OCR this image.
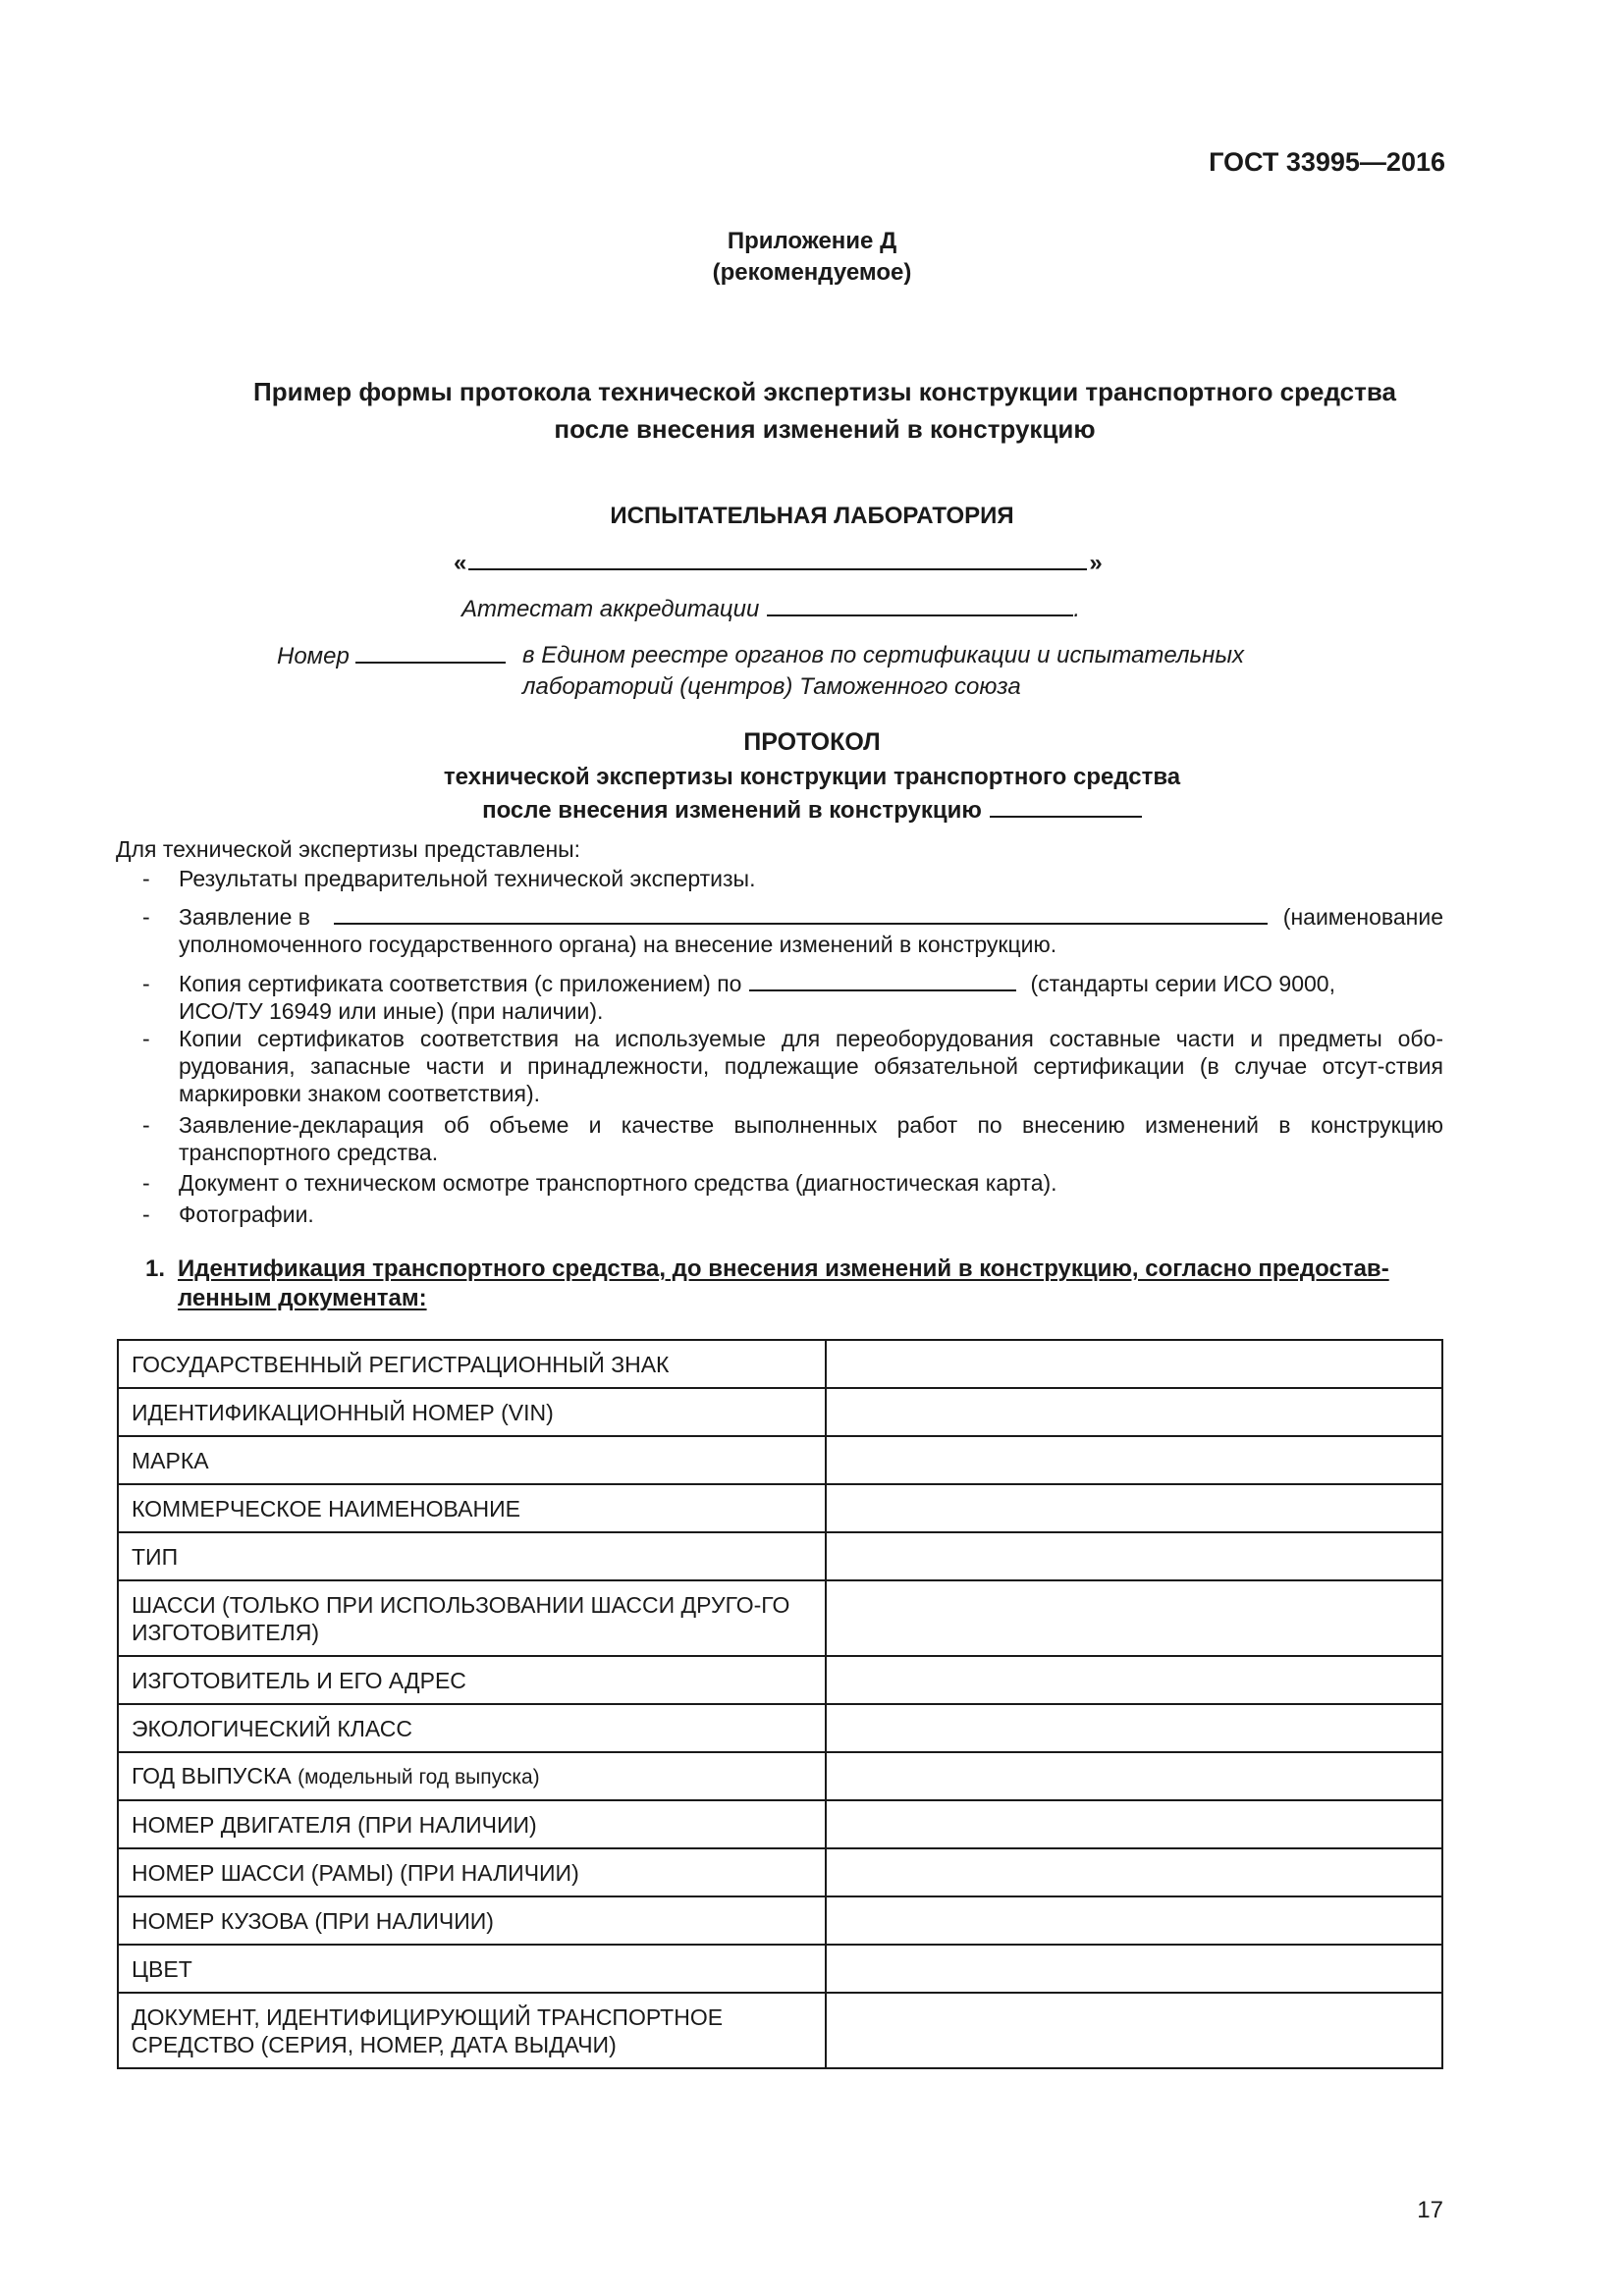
ГОСТ 33995—2016
Приложение Д
(рекомендуемое)
Пример формы протокола технической экспертизы конструкции транспортного средства
после внесения изменений в конструкцию
ИСПЫТАТЕЛЬНАЯ ЛАБОРАТОРИЯ
«	»
Аттестат аккредитации	.
Номер	в Едином реестре органов по сертификации и испытательных
лабораторий (центров) Таможенного союза
ПРОТОКОЛ
технической экспертизы конструкции транспортного средства
после внесения изменений в конструкцию
Для технической экспертизы представлены:
-	Результаты предварительной технической экспертизы.
- Заявление в	(наименование
уполномоченного государственного органа) на внесение изменений в конструкцию.
- Копия сертификата соответствия (с приложением) по	(стандарты серии ИСО 9000,
ИСО/ТУ 16949 или иные) (при наличии).
-	Копии сертификатов соответствия на используемые для переоборудования составные части и предметы обо-рудования, запасные части и принадлежности, подлежащие обязательной сертификации (в случае отсут-ствия маркировки знаком соответствия).
-	Заявление-декларация об объеме и качестве выполненных работ по внесению изменений в конструкцию транспортного средства.
-	Документ о техническом осмотре транспортного средства (диагностическая карта).
-	Фотографии.
1. Идентификация транспортного средства, до внесения изменений в конструкцию, согласно предостав-ленным документам:
ГОСУДАРСТВЕННЫЙ РЕГИСТРАЦИОННЫЙ ЗНАК	
ИДЕНТИФИКАЦИОННЫЙ НОМЕР (VIN)	
МАРКА	
КОММЕРЧЕСКОЕ НАИМЕНОВАНИЕ	
ТИП	
ШАССИ (ТОЛЬКО ПРИ ИСПОЛЬЗОВАНИИ ШАССИ ДРУГО-ГО ИЗГОТОВИТЕЛЯ)	
ИЗГОТОВИТЕЛЬ И ЕГО АДРЕС	
ЭКОЛОГИЧЕСКИЙ КЛАСС	
ГОД ВЫПУСКА (модельный год выпуска)	
НОМЕР ДВИГАТЕЛЯ (ПРИ НАЛИЧИИ)	
НОМЕР ШАССИ (РАМЫ) (ПРИ НАЛИЧИИ)	
НОМЕР КУЗОВА (ПРИ НАЛИЧИИ)	
ЦВЕТ	
ДОКУМЕНТ, ИДЕНТИФИЦИРУЮЩИЙ ТРАНСПОРТНОЕ СРЕДСТВО (СЕРИЯ, НОМЕР, ДАТА ВЫДАЧИ)	
17
